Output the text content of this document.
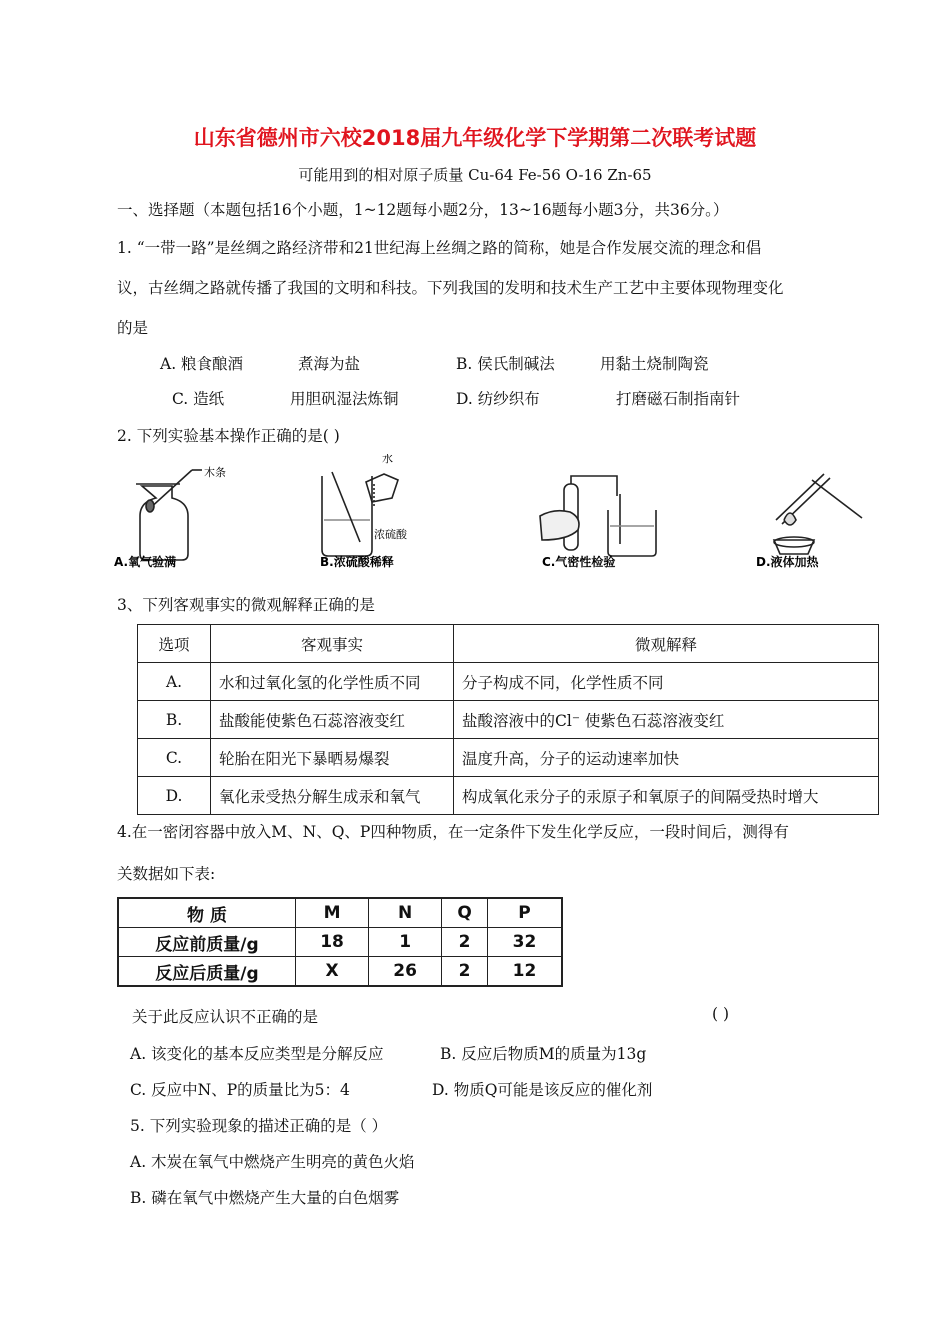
山东省德州市六校2018届九年级化学下学期第二次联考试题
可能用到的相对原子质量 Cu-64 Fe-56 O-16 Zn-65
一、选择题（本题包括16个小题，1~12题每小题2分，13~16题每小题3分，共36分。）
1. “一带一路”是丝绸之路经济带和21世纪海上丝绸之路的简称，她是合作发展交流的理念和倡
议，古丝绸之路就传播了我国的文明和科技。下列我国的发明和技术生产工艺中主要体现物理变化
的是
A. 粮食酿酒	煮海为盐	B. 侯氏制碱法	用黏土烧制陶瓷
C. 造纸	用胆矾湿法炼铜	D. 纺纱织布	打磨磁石制指南针
2. 下列实验基本操作正确的是( )
木条
水
浓硫酸
A.氧气验满	B.浓硫酸稀释	C.气密性检验	D.液体加热
3、下列客观事实的微观解释正确的是
选项	客观事实	微观解释
A.	水和过氧化氢的化学性质不同	分子构成不同，化学性质不同
B.	盐酸能使紫色石蕊溶液变红	盐酸溶液中的Cl⁻ 使紫色石蕊溶液变红
C.	轮胎在阳光下暴晒易爆裂	温度升高，分子的运动速率加快
D.	氧化汞受热分解生成汞和氧气	构成氧化汞分子的汞原子和氧原子的间隔受热时增大
4.在一密闭容器中放入M、N、Q、P四种物质，在一定条件下发生化学反应，一段时间后，测得有
关数据如下表:
物 质	M	N	Q	P
反应前质量/g	18	1	2	32
反应后质量/g	X	26	2	12
关于此反应认识不正确的是	( )
A. 该变化的基本反应类型是分解反应	B. 反应后物质M的质量为13g
C. 反应中N、P的质量比为5：4	D. 物质Q可能是该反应的催化剂
5. 下列实验现象的描述正确的是（ ）
A. 木炭在氧气中燃烧产生明亮的黄色火焰
B. 磷在氧气中燃烧产生大量的白色烟雾
